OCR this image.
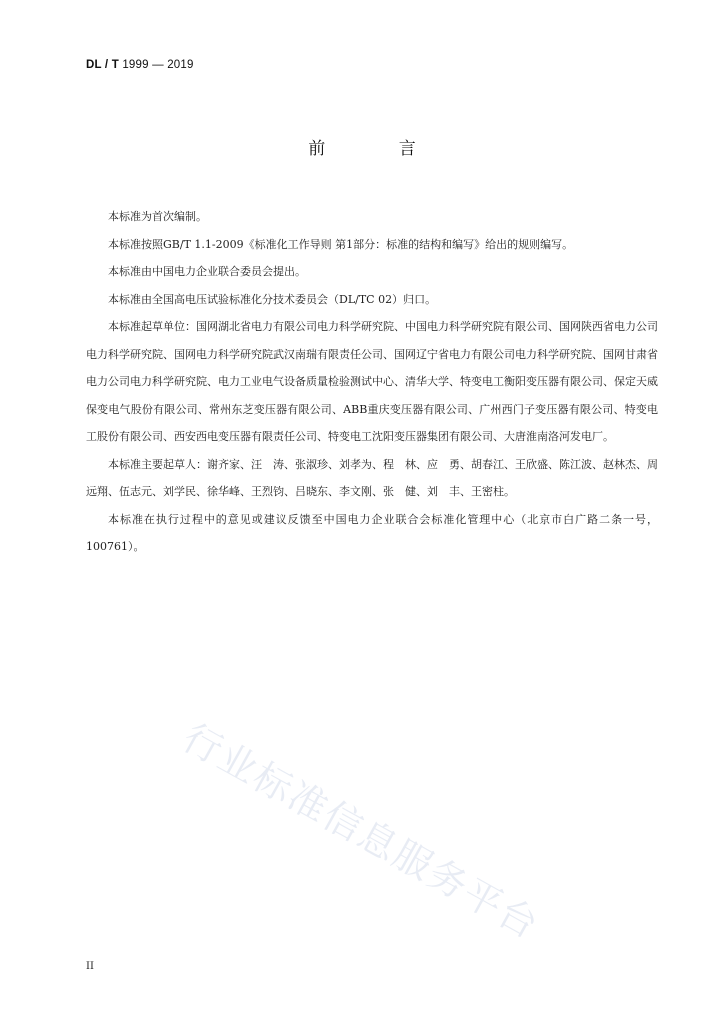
DL / T 1999 — 2019
前 言

本标准为首次编制。

本标准按照GB/T 1.1-2009《标准化工作导则 第1部分：标准的结构和编写》给出的规则编写。

本标准由中国电力企业联合委员会提出。

本标准由全国高电压试验标准化分技术委员会（DL/TC 02）归口。

本标准起草单位：国网湖北省电力有限公司电力科学研究院、中国电力科学研究院有限公司、国网陕西省电力公司电力科学研究院、国网电力科学研究院武汉南瑞有限责任公司、国网辽宁省电力有限公司电力科学研究院、国网甘肃省电力公司电力科学研究院、电力工业电气设备质量检验测试中心、清华大学、特变电工衡阳变压器有限公司、保定天威保变电气股份有限公司、常州东芝变压器有限公司、ABB重庆变压器有限公司、广州西门子变压器有限公司、特变电工股份有限公司、西安西电变压器有限责任公司、特变电工沈阳变压器集团有限公司、大唐淮南洛河发电厂。

本标准主要起草人：谢齐家、汪　涛、张淑珍、刘孝为、程　林、应　勇、胡春江、王欣盛、陈江波、赵林杰、周远翔、伍志元、刘学民、徐华峰、王烈钧、吕晓东、李文刚、张　健、刘　丰、王密柱。

本标准在执行过程中的意见或建议反馈至中国电力企业联合会标准化管理中心（北京市白广路二条一号，100761）。

行业标准信息服务平台
II
